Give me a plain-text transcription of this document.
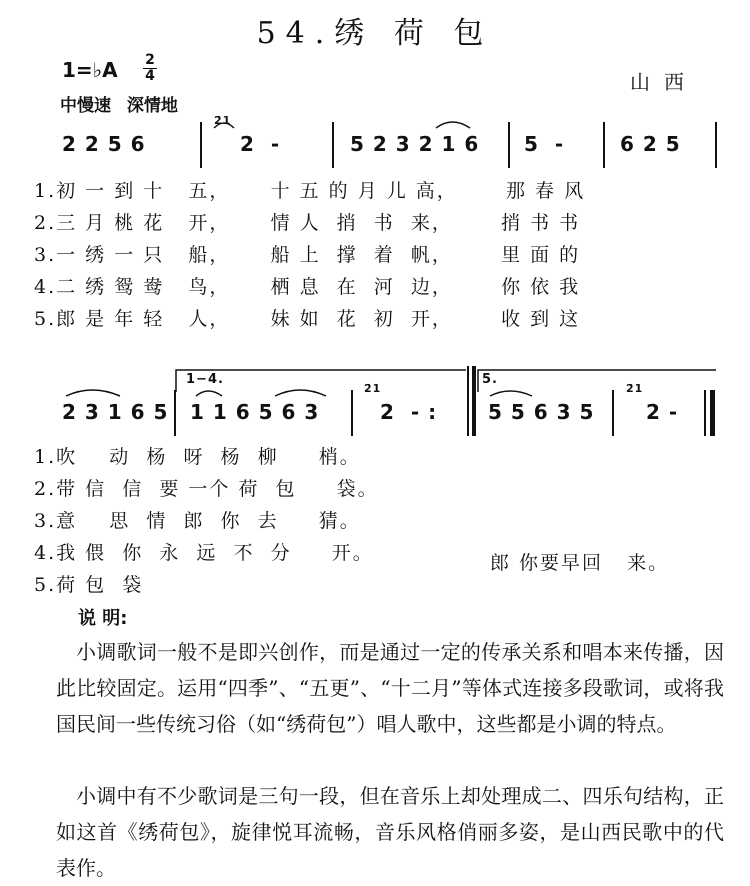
54.绣 荷 包
1=♭A 2
4
中慢速 深情地
山西
2 2 5 6	2  -	5 2 3 2 1 6 5  -	6 2 5
2̇1
1.初 一 到 十   五，     十 五 的 月 儿 高，      那 春 风
2.三 月 桃 花   开，     情 人  捎  书  来，      捎 书 书
3.一 绣 一 只   船，     船 上  撑  着  帆，      里 面 的
4.二 绣 鸳 鸯   鸟，     栖 息  在  河  边，      你 依 我
5.郎 是 年 轻   人，     妹 如  花  初  开，      收 到 这
2 3 1 6 5
1−4.
1 1 6 5 6 3	2  - :
2̇1
5.
5 5 6 3 5	2 -
2̇1
1.吹    动  杨  呀  杨  柳     梢。
2.带 信  信  要 一个 荷  包     袋。
3.意    思  情  郎  你  去     猜。
4.我 偎  你  永  远  不  分     开。
5.荷 包  袋
郎 你要早回   来。
说 明:
小调歌词一般不是即兴创作，而是通过一定的传承关系和唱本来传播，因此比较固定。运用“四季”、“五更”、“十二月”等体式连接多段歌词，或将我国民间一些传统习俗（如“绣荷包”）唱人歌中，这些都是小调的特点。
小调中有不少歌词是三句一段，但在音乐上却处理成二、四乐句结构，正如这首《绣荷包》，旋律悦耳流畅，音乐风格俏丽多姿，是山西民歌中的代表作。
